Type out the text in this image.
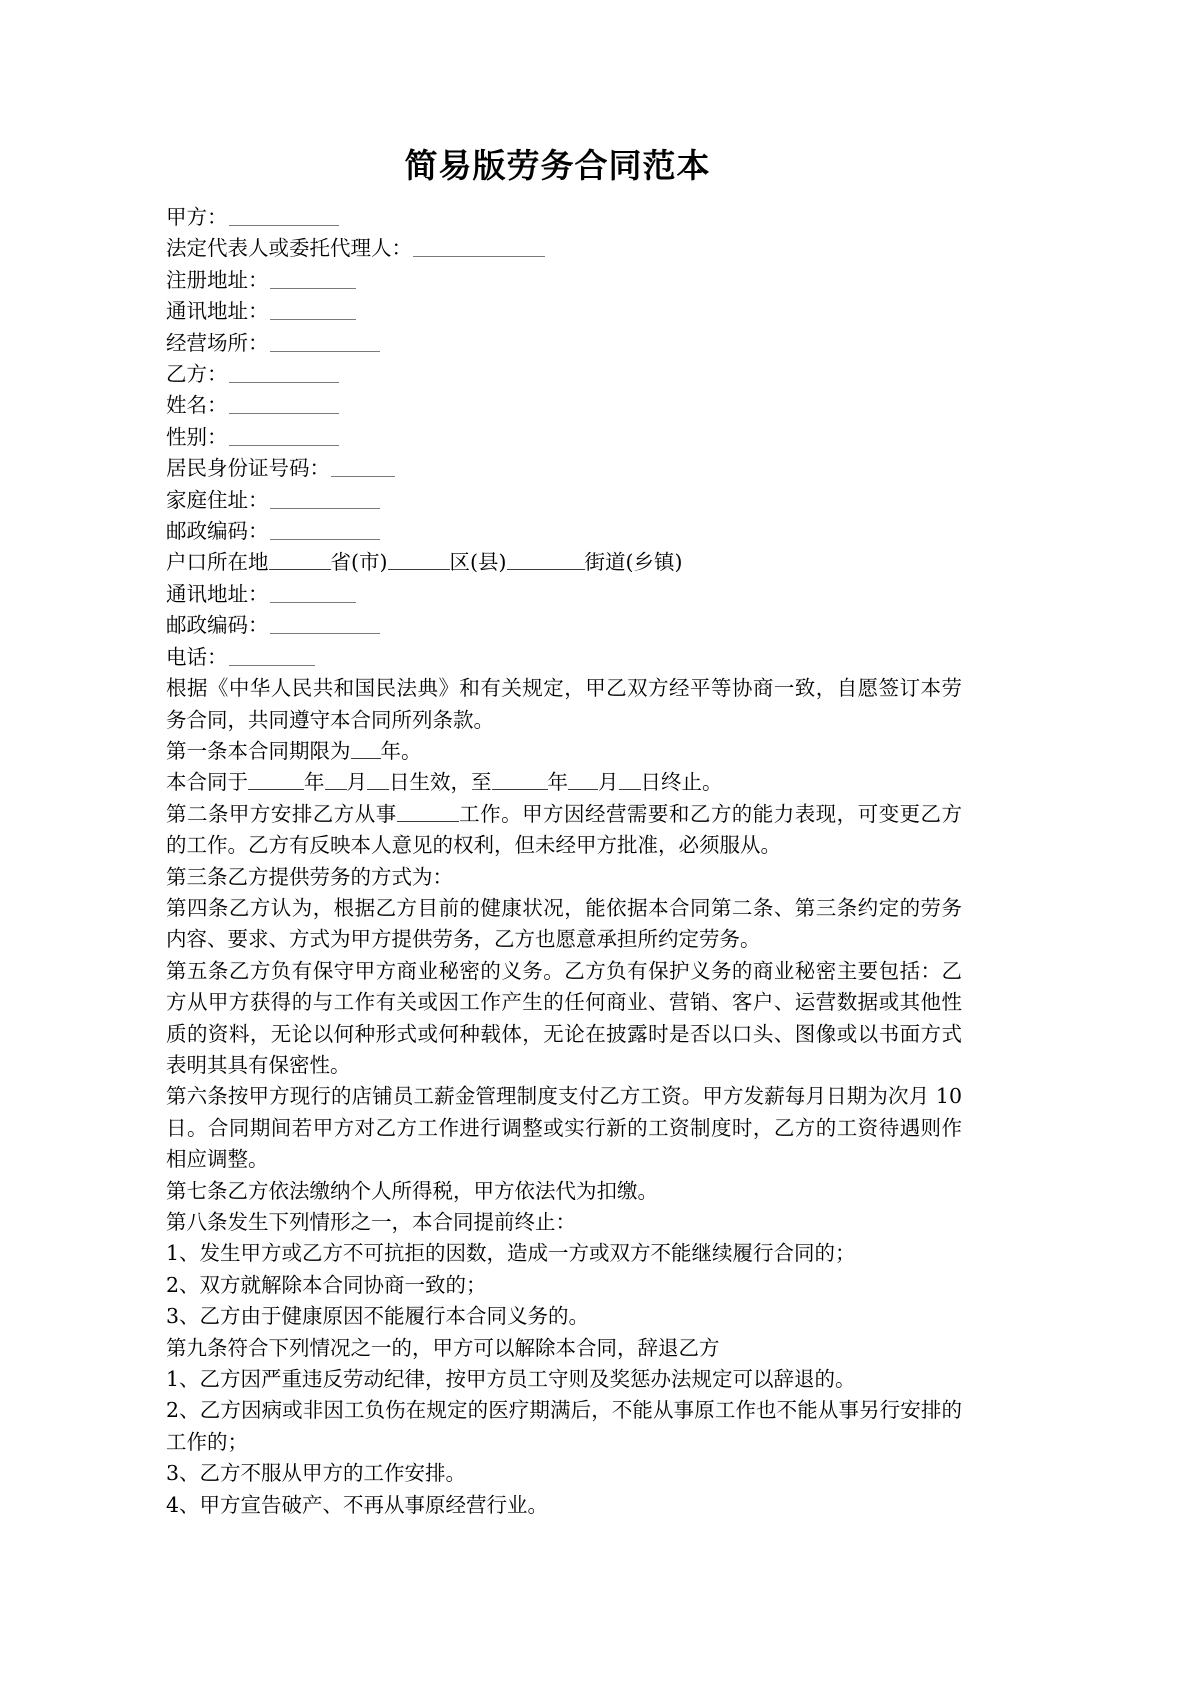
简易版劳务合同范本

甲方：

法定代表人或委托代理人：

注册地址：

通讯地址：

经营场所：

乙方：

姓名：

性别：

居民身份证号码：

家庭住址：

邮政编码：

户口所在地	省(市)	区(县)	街道(乡镇)

通讯地址：

邮政编码：

电话：

根据《中华人民共和国民法典》和有关规定，甲乙双方经平等协商一致，自愿签订本劳务合同，共同遵守本合同所列条款。

第一条本合同期限为 年。

本合同于	年 月 日生效，至	年 月 日终止。

第二条甲方安排乙方从事	工作。甲方因经营需要和乙方的能力表现，可变更乙方的工作。乙方有反映本人意见的权利，但未经甲方批准，必须服从。

第三条乙方提供劳务的方式为：

第四条乙方认为，根据乙方目前的健康状况，能依据本合同第二条、第三条约定的劳务内容、要求、方式为甲方提供劳务，乙方也愿意承担所约定劳务。

第五条乙方负有保守甲方商业秘密的义务。乙方负有保护义务的商业秘密主要包括：乙方从甲方获得的与工作有关或因工作产生的任何商业、营销、客户、运营数据或其他性质的资料，无论以何种形式或何种载体，无论在披露时是否以口头、图像或以书面方式表明其具有保密性。

第六条按甲方现行的店铺员工薪金管理制度支付乙方工资。甲方发薪每月日期为次月 10 日。合同期间若甲方对乙方工作进行调整或实行新的工资制度时，乙方的工资待遇则作相应调整。

第七条乙方依法缴纳个人所得税，甲方依法代为扣缴。

第八条发生下列情形之一，本合同提前终止：

1、发生甲方或乙方不可抗拒的因数，造成一方或双方不能继续履行合同的；

2、双方就解除本合同协商一致的；

3、乙方由于健康原因不能履行本合同义务的。

第九条符合下列情况之一的，甲方可以解除本合同，辞退乙方

1、乙方因严重违反劳动纪律，按甲方员工守则及奖惩办法规定可以辞退的。

2、乙方因病或非因工负伤在规定的医疗期满后，不能从事原工作也不能从事另行安排的工作的；

3、乙方不服从甲方的工作安排。

4、甲方宣告破产、不再从事原经营行业。
